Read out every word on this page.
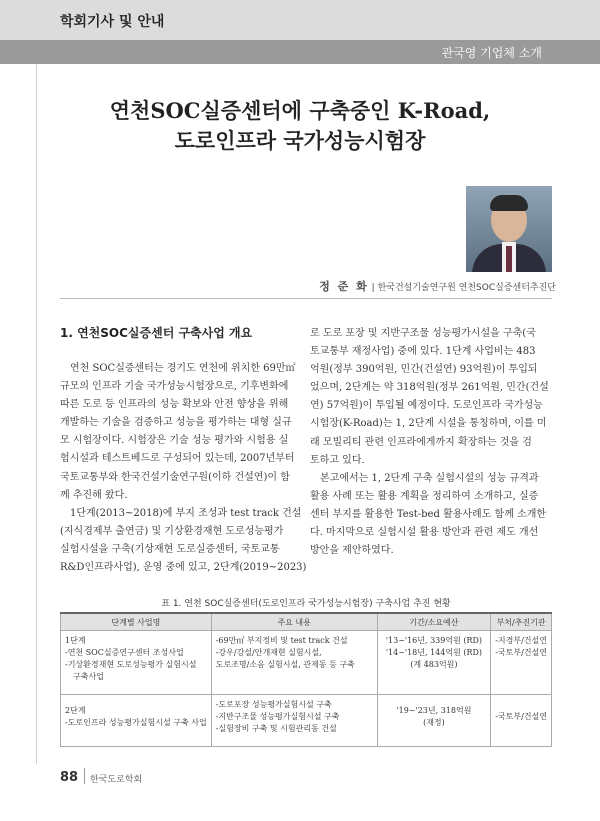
학회기사 및 안내
관국영 기업체 소개
연천SOC실증센터에 구축중인 K-Road,
도로인프라 국가성능시험장
정 준 화 | 한국건설기술연구원 연천SOC실증센터추진단
1. 연천SOC실증센터 구축사업 개요

연천 SOC실증센터는 경기도 연천에 위치한 69만㎡

규모의 인프라 기술 국가성능시험장으로, 기후변화에
따른 도로 등 인프라의 성능 확보와 안전 향상을 위해
개발하는 기술을 검증하고 성능을 평가하는 대형 실규
모 시험장이다. 시험장은 기술 성능 평가와 시험용 실
험시설과 테스트베드로 구성되어 있는데, 2007년부터
국토교통부와 한국건설기술연구원(이하 건설연)이 함
께 추진해 왔다.

1단계(2013~2018)에 부지 조성과 test track 건설

(지식경제부 출연금) 및 기상환경재현 도로성능평가
실험시설을 구축(기상재현 도로실증센터, 국토교통
R&D인프라사업), 운영 중에 있고, 2단계(2019~2023)
로 도로 포장 및 지반구조물 성능평가시설을 구축(국
토교통부 재정사업) 중에 있다. 1단계 사업비는 483
억원(정부 390억원, 민간(건설연) 93억원)이 투입되
었으며, 2단계는 약 318억원(정부 261억원, 민간(건설
연) 57억원)이 투입될 예정이다. 도로인프라 국가성능
시험장(K-Road)는 1, 2단계 시설을 통칭하며, 이를 미
래 모빌리티 관련 인프라에게까지 확장하는 것을 검
토하고 있다.

본고에서는 1, 2단계 구축 실험시설의 성능 규격과

활용 사례 또는 활용 계획을 정리하여 소개하고, 실증
센터 부지를 활용한 Test-bed 활용사례도 함께 소개한
다. 마지막으로 실험시설 활용 방안과 관련 제도 개선
방안을 제안하였다.
표 1. 연천 SOC실증센터(도로인프라 국가성능시험장) 구축사업 추진 현황
단계별 사업명	주요 내용	기간/소요예산	부처/추진기관

1단계
-연천 SOC실증연구센터 조성사업
-기상환경재현 도로성능평가 실험시설
구축사업	-69만㎡ 부지정비 및 test track 건설
-강우/강설/안개재현 실험시설,
도로조명/소음 실험시설, 관제동 등 구축	'13~'16년, 339억원 (RD)
'14~'18년, 144억원 (RD)
(계 483억원)	-지경부/건설연
-국토부/건설연

2단계
-도로인프라 성능평가실험시설 구축 사업	-도로포장 성능평가실험시설 구축
-지반구조물 성능평가실험시설 구축
-실험장비 구축 및 시험관리동 건설	'19~'23년, 318억원
(재정)	-국토부/건설연
88 한국도로학회
